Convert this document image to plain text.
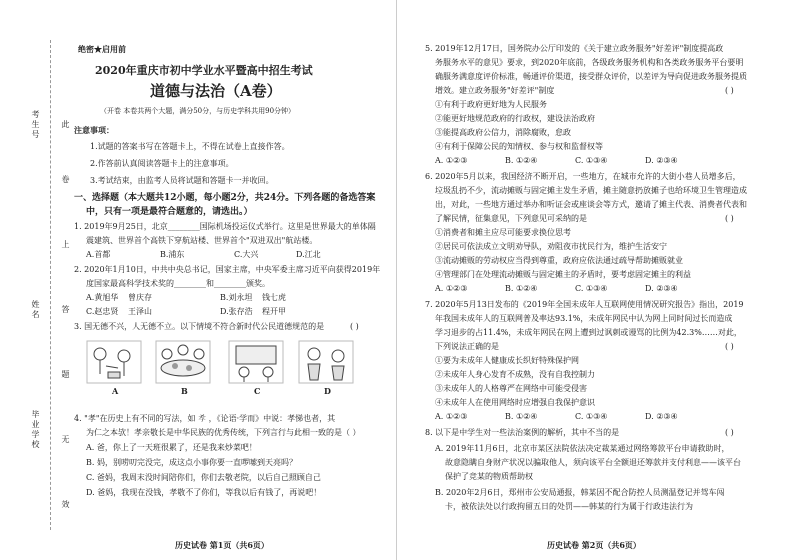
考生号
姓名
毕业学校
此
卷
上
答
题
无
效
绝密★启用前
2020年重庆市初中学业水平暨高中招生考试
道德与法治（A卷）
（开卷 本卷共两个大题，满分50分，与历史学科共用90分钟）
注意事项：
1.试题的答案书写在答题卡上，不得在试卷上直接作答。
2.作答前认真阅读答题卡上的注意事项。
3.考试结束，由监考人员将试题和答题卡一并收回。
一、选择题（本大题共12小题，每小题2分，共24分。下列各题的备选答案
中，只有一项是最符合题意的，请选出。）
1. 2019年9月25日，北京________国际机场投运仪式举行。这里是世界最大的单体隔
震建筑、世界首个高铁下穿航站楼、世界首个"双进双出"航站楼。
A.首都	B.浦东	C.大兴	D.江北
2. 2020年1月10日，中共中央总书记，国家主席，中央军委主席习近平向获得2019年
度国家最高科学技术奖的________和________颁奖。
A.黄旭华 曾庆存	B.刘永坦 钱七虎
C.赵忠贤 王泽山	D.张存浩 程开甲
3. 国无德不兴，人无德不立。以下情境不符合新时代公民道德规范的是	( )
A	B	C	D
4. "孝"在历史上有不同的写法，如 𡥉 ，《论语·学而》中说：孝悌也者，其
为仁之本欤！孝亲敬长是中华民族的优秀传统，下列言行与此相一致的是（ ）
A. 爸，你上了一天班很累了，还是我来炒菜吧！
B. 妈，别唠叨完没完，成这点小事你要一直啰嗦到天亮吗？
C. 爸妈，我周末没时间陪你们，你们去敬老院，以后自己照顾自己
D. 爸妈，我现在没钱，孝敬不了你们，等我以后有钱了，再说吧！
历史试卷 第1页（共6页）
5. 2019年12月17日，国务院办公厅印发的《关于建立政务服务"好差评"制度提高政
务服务水平的意见》要求，到2020年底前，各级政务服务机构和各类政务服务平台要明
确服务满意度评价标准，畅通评价渠道，接受群众评价，以差评为导向促进政务服务提质
增效。建立政务服务"好差评"制度	( )
①有利于政府更好地为人民服务
②能更好地规范政府的行政权，建设法治政府
③能提高政府公信力，消除腐败，怠政
④有利于保障公民的知情权、参与权和监督权等
A. ①②③	B. ①②④	C. ①③④	D. ②③④
6. 2020年5月以来，我国经济不断开启，一些地方，在城市允许的大街小巷人员增多后，
垃圾乱扔不少，流动摊贩与固定摊主发生矛盾，摊主随意扔放摊子也给环境卫生管理造成
出，对此，一些地方通过举办和听证会或座谈会等方式，邀请了摊主代表、消费者代表和
了解民情，征集意见，下列意见可采纳的是	( )
①消费者和摊主应尽可能要求换位思考
②居民可依法成立文明劝导队，劝阻夜市扰民行为，维护生活安宁
③流动摊贩的劳动权应当得到尊重，政府应依法通过疏导帮助摊贩就业
④管理部门在处理流动摊贩与固定摊主的矛盾时，要考虑固定摊主的利益
A. ①②③	B. ①②④	C. ①③④	D. ②③④
7. 2020年5月13日发布的《2019年全国未成年人互联网使用情况研究报告》指出，2019
年我国未成年人的互联网普及率达93.1%，未成年网民中认为网上同时间过长而造成
学习退步的占11.4%，未成年网民在网上遭到过讽刺或谩骂的比例为42.3%……对此，
下列说法正确的是	( )
①要为未成年人健康成长织好特殊保护网
②未成年人身心发育不成熟，没有自我控制力
③未成年人的人格尊严在网络中可能受侵害
④未成年人在使用网络时应增强自我保护意识
A. ①②③	B. ①②④	C. ①③④	D. ②③④
8. 以下是中学生对一些法治案例的解析，其中不当的是	( )
A. 2019年11月6日，北京市某区法院依法决定裁某通过网络筹款平台申请救助时，
故意隐瞒自身财产状况以骗取他人，须向该平台全额退还筹款并支付利息——该平台
保护了竞某的物质帮助权
B. 2020年2月6日，郑州市公安局通报，韩某因不配合防控人员测温登记并驾车闯
卡，被依法处以行政拘留五日的处罚——韩某的行为属于行政违法行为
历史试卷 第2页（共6页）
